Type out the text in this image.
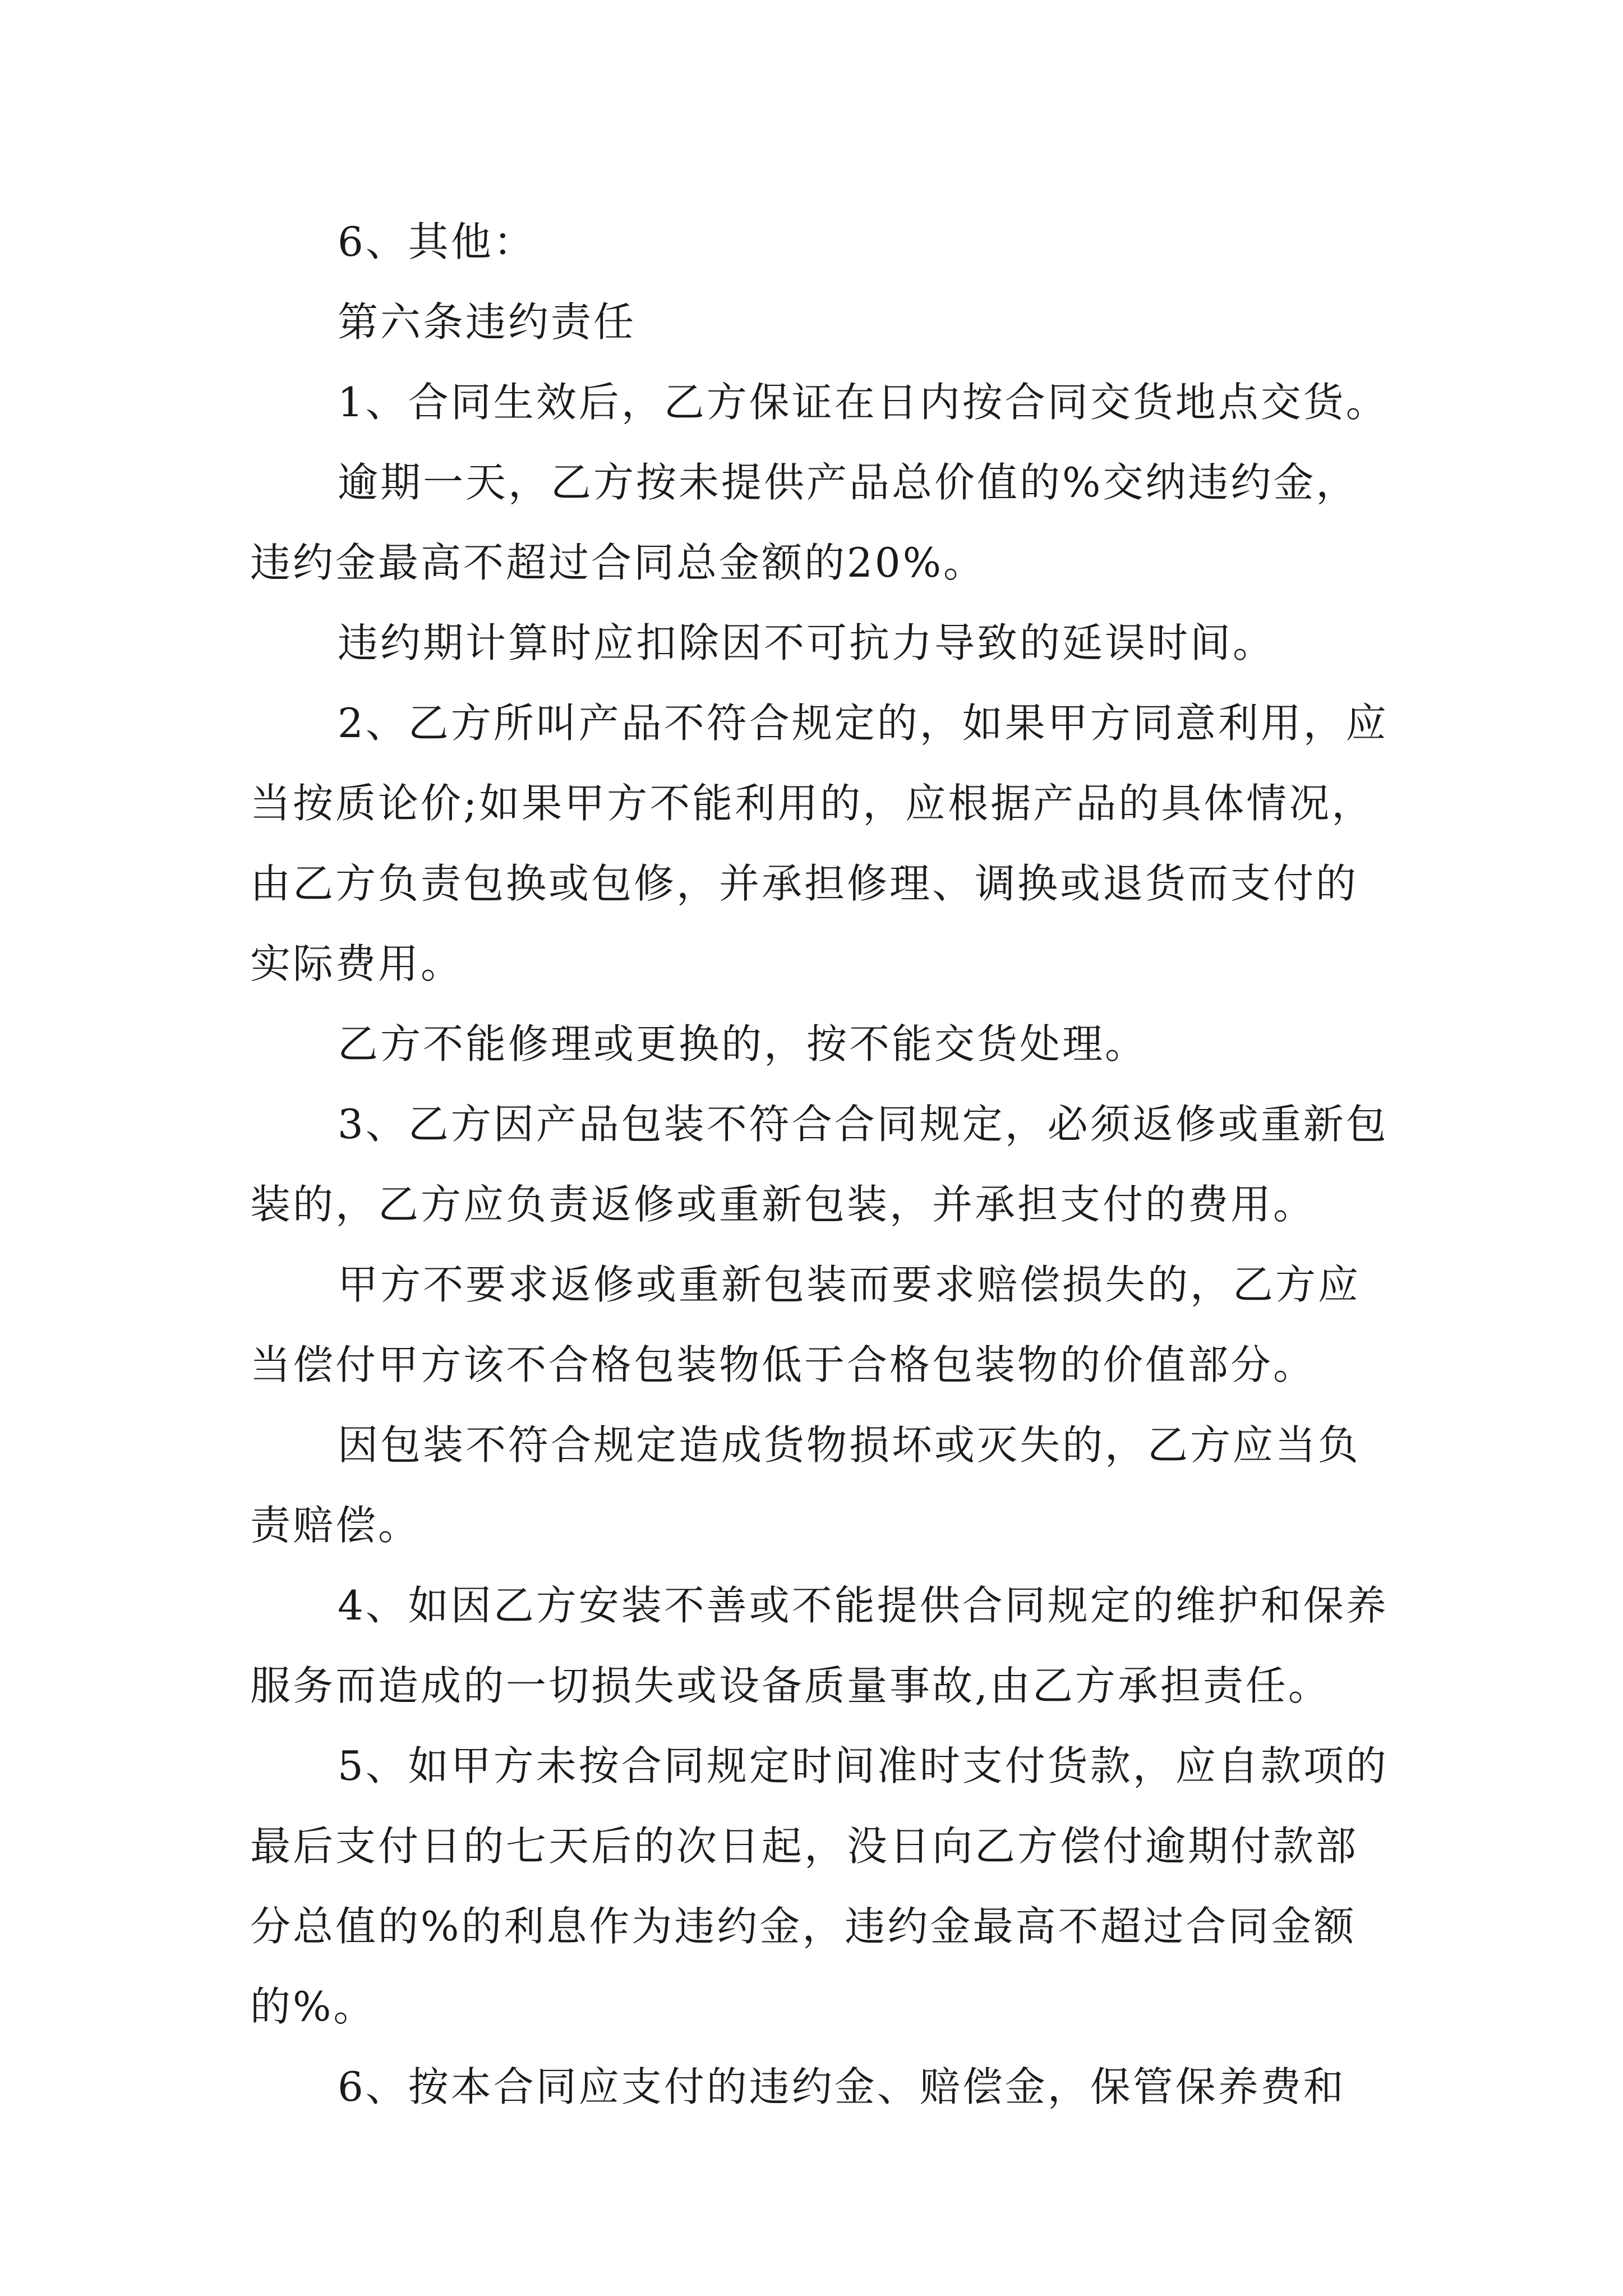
6、其他：

第六条违约责任

1、合同生效后，乙方保证在日内按合同交货地点交货。

逾期一天，乙方按未提供产品总价值的%交纳违约金，违约金最高不超过合同总金额的20%。

违约期计算时应扣除因不可抗力导致的延误时间。

2、乙方所叫产品不符合规定的，如果甲方同意利用，应当按质论价;如果甲方不能利用的，应根据产品的具体情况，由乙方负责包换或包修，并承担修理、调换或退货而支付的实际费用。

乙方不能修理或更换的，按不能交货处理。

3、乙方因产品包装不符合合同规定，必须返修或重新包装的，乙方应负责返修或重新包装，并承担支付的费用。

甲方不要求返修或重新包装而要求赔偿损失的，乙方应当偿付甲方该不合格包装物低于合格包装物的价值部分。

因包装不符合规定造成货物损坏或灭失的，乙方应当负责赔偿。

4、如因乙方安装不善或不能提供合同规定的维护和保养服务而造成的一切损失或设备质量事故,由乙方承担责任。

5、如甲方未按合同规定时间准时支付货款，应自款项的最后支付日的七天后的次日起，没日向乙方偿付逾期付款部分总值的%的利息作为违约金，违约金最高不超过合同金额的%。

6、按本合同应支付的违约金、赔偿金，保管保养费和
